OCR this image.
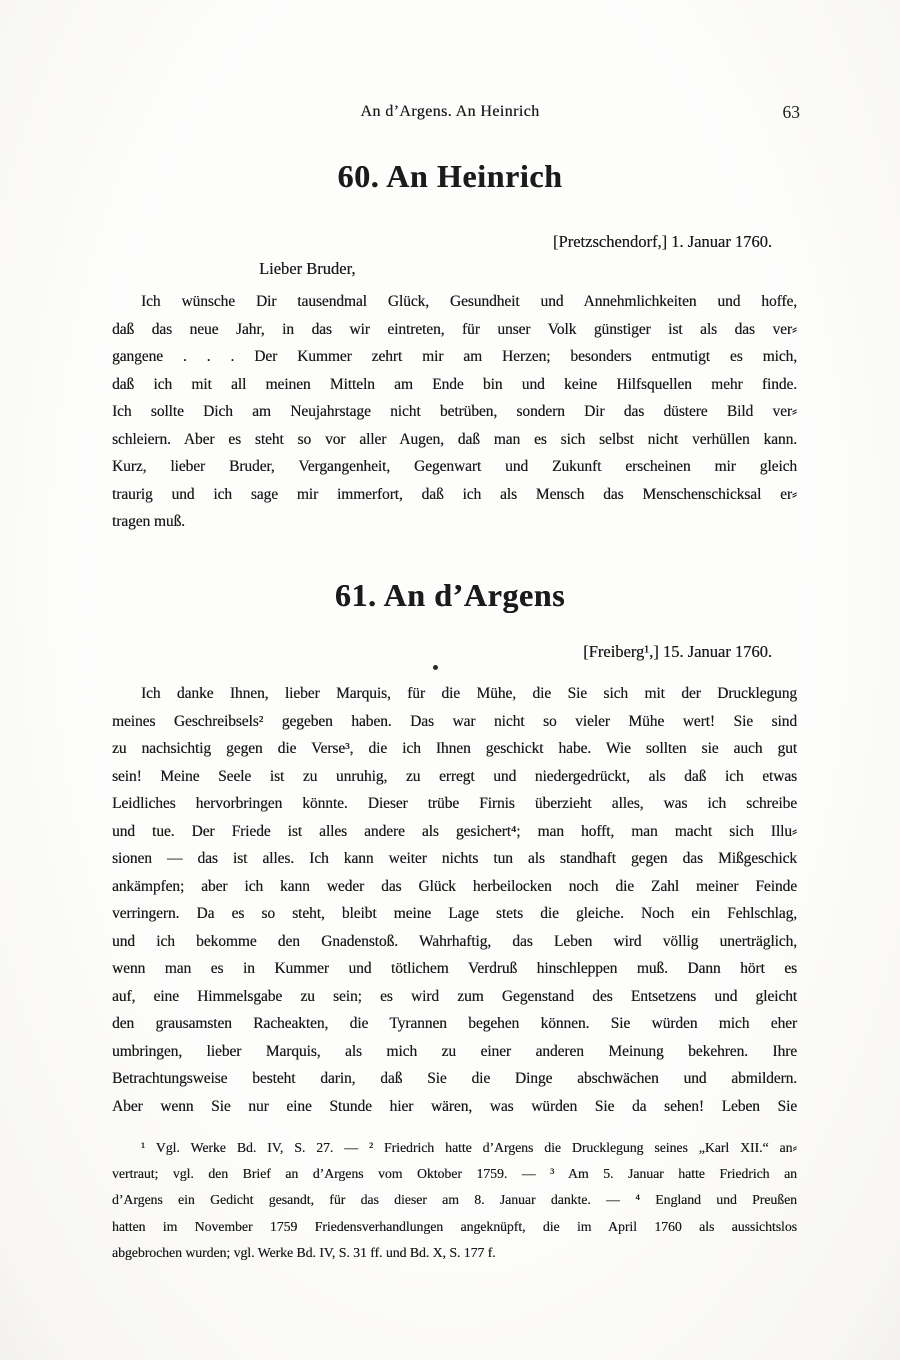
An d’Argens. An Heinrich	63
60. An Heinrich
[Pretzschendorf,] 1. Januar 1760.
Lieber Bruder,
Ich wünsche Dir tausendmal Glück, Gesundheit und Annehmlichkeiten und hoffe,
daß das neue Jahr, in das wir eintreten, für unser Volk günstiger ist als das ver⸗
gangene . . . Der Kummer zehrt mir am Herzen; besonders entmutigt es mich,
daß ich mit all meinen Mitteln am Ende bin und keine Hilfsquellen mehr finde.
Ich sollte Dich am Neujahrstage nicht betrüben, sondern Dir das düstere Bild ver⸗
schleiern. Aber es steht so vor aller Augen, daß man es sich selbst nicht verhüllen kann.
Kurz, lieber Bruder, Vergangenheit, Gegenwart und Zukunft erscheinen mir gleich
traurig und ich sage mir immerfort, daß ich als Mensch das Menschenschicksal er⸗
tragen muß.
61. An d’Argens
[Freiberg¹,] 15. Januar 1760.
Ich danke Ihnen, lieber Marquis, für die Mühe, die Sie sich mit der Drucklegung
meines Geschreibsels² gegeben haben. Das war nicht so vieler Mühe wert! Sie sind
zu nachsichtig gegen die Verse³, die ich Ihnen geschickt habe. Wie sollten sie auch gut
sein! Meine Seele ist zu unruhig, zu erregt und niedergedrückt, als daß ich etwas
Leidliches hervorbringen könnte. Dieser trübe Firnis überzieht alles, was ich schreibe
und tue. Der Friede ist alles andere als gesichert⁴; man hofft, man macht sich Illu⸗
sionen — das ist alles. Ich kann weiter nichts tun als standhaft gegen das Mißgeschick
ankämpfen; aber ich kann weder das Glück herbeilocken noch die Zahl meiner Feinde
verringern. Da es so steht, bleibt meine Lage stets die gleiche. Noch ein Fehlschlag,
und ich bekomme den Gnadenstoß. Wahrhaftig, das Leben wird völlig unerträglich,
wenn man es in Kummer und tötlichem Verdruß hinschleppen muß. Dann hört es
auf, eine Himmelsgabe zu sein; es wird zum Gegenstand des Entsetzens und gleicht
den grausamsten Racheakten, die Tyrannen begehen können. Sie würden mich eher
umbringen, lieber Marquis, als mich zu einer anderen Meinung bekehren. Ihre
Betrachtungsweise besteht darin, daß Sie die Dinge abschwächen und abmildern.
Aber wenn Sie nur eine Stunde hier wären, was würden Sie da sehen! Leben Sie
¹ Vgl. Werke Bd. IV, S. 27. — ² Friedrich hatte d’Argens die Drucklegung seines „Karl XII.“ an⸗
vertraut; vgl. den Brief an d’Argens vom Oktober 1759. — ³ Am 5. Januar hatte Friedrich an
d’Argens ein Gedicht gesandt, für das dieser am 8. Januar dankte. — ⁴ England und Preußen
hatten im November 1759 Friedensverhandlungen angeknüpft, die im April 1760 als aussichtslos
abgebrochen wurden; vgl. Werke Bd. IV, S. 31 ff. und Bd. X, S. 177 f.
